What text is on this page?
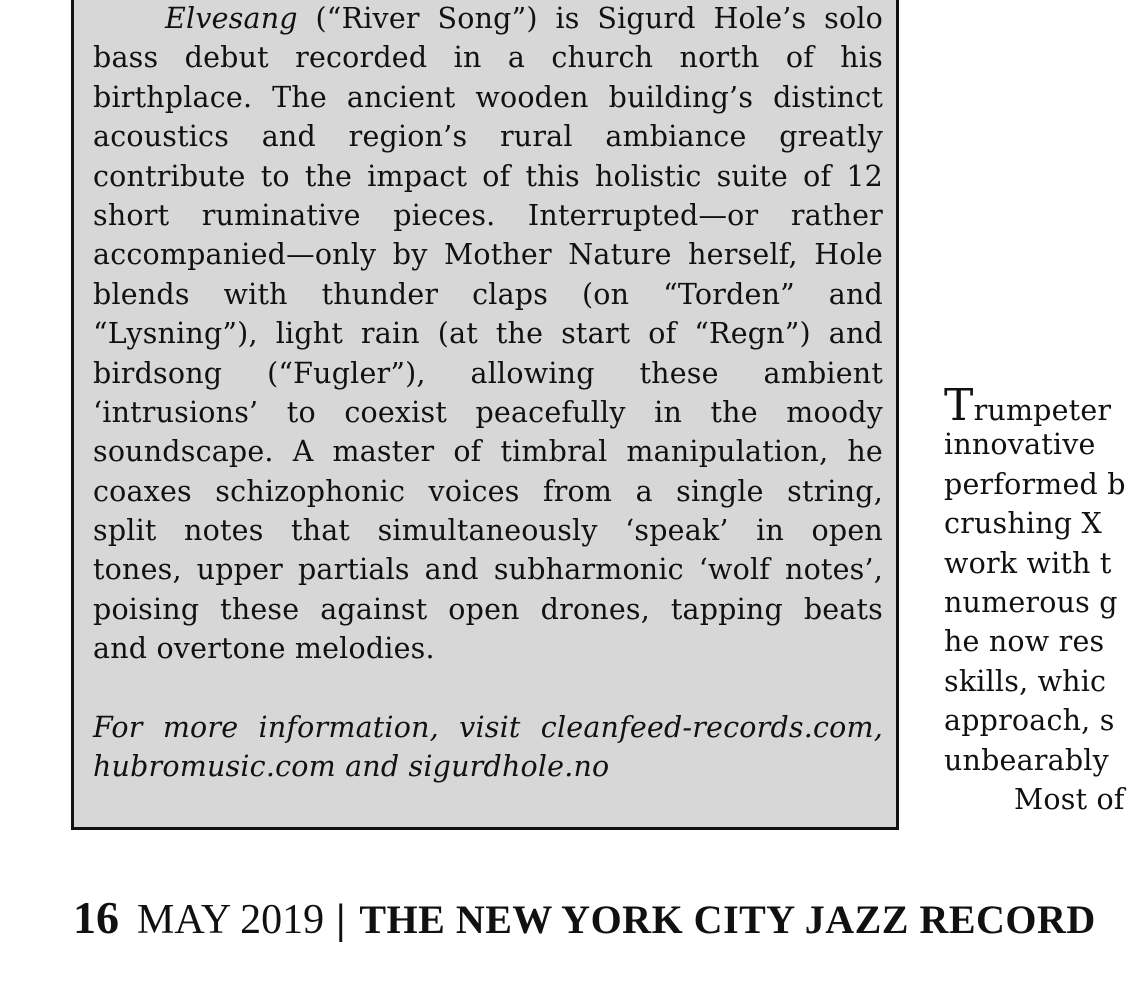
Elvesang (“River Song”) is Sigurd Hole’s solo
bass debut recorded in a church north of his
birthplace. The ancient wooden building’s distinct
acoustics and region’s rural ambiance greatly
contribute to the impact of this holistic suite of 12
short ruminative pieces. Interrupted—or rather
accompanied—only by Mother Nature herself, Hole
blends with thunder claps (on “Torden” and
“Lysning”), light rain (at the start of “Regn”) and
birdsong (“Fugler”), allowing these ambient
‘intrusions’ to coexist peacefully in the moody
soundscape. A master of timbral manipulation, he
coaxes schizophonic voices from a single string,
split notes that simultaneously ‘speak’ in open
tones, upper partials and subharmonic ‘wolf notes’,
poising these against open drones, tapping beats
and overtone melodies.
For more information, visit cleanfeed-records.com,
hubromusic.com and sigurdhole.no
Trumpeter
innovative
performed b
crushing X
work with t
numerous g
he now res
skills, whic
approach, s
unbearably
Most of
16 MAY 2019 | THE NEW YORK CITY JAZZ RECORD
